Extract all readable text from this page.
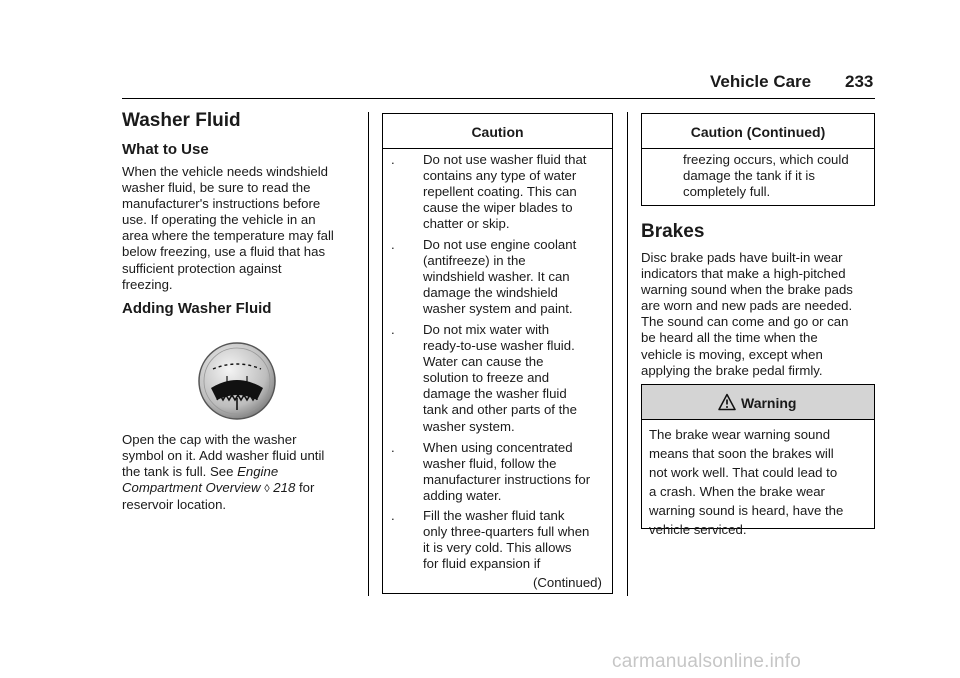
Vehicle Care 233
Washer Fluid
What to Use
When the vehicle needs windshield
washer fluid, be sure to read the
manufacturer's instructions before
use. If operating the vehicle in an
area where the temperature may fall
below freezing, use a fluid that has
sufficient protection against
freezing.
Adding Washer Fluid
Open the cap with the washer
symbol on it. Add washer fluid until
the tank is full. See Engine
Compartment Overview ◊ 218 for
reservoir location.
Caution
. Do not use washer fluid that
contains any type of water
repellent coating. This can
cause the wiper blades to
chatter or skip.
. Do not use engine coolant
(antifreeze) in the
windshield washer. It can
damage the windshield
washer system and paint.
. Do not mix water with
ready-to-use washer fluid.
Water can cause the
solution to freeze and
damage the washer fluid
tank and other parts of the
washer system.
. When using concentrated
washer fluid, follow the
manufacturer instructions for
adding water.
. Fill the washer fluid tank
only three-quarters full when
it is very cold. This allows
for fluid expansion if
(Continued)
Caution (Continued)
freezing occurs, which could
damage the tank if it is
completely full.
Brakes
Disc brake pads have built-in wear
indicators that make a high-pitched
warning sound when the brake pads
are worn and new pads are needed.
The sound can come and go or can
be heard all the time when the
vehicle is moving, except when
applying the brake pedal firmly.
Warning
The brake wear warning sound
means that soon the brakes will
not work well. That could lead to
a crash. When the brake wear
warning sound is heard, have the
vehicle serviced.
carmanualsonline.info
